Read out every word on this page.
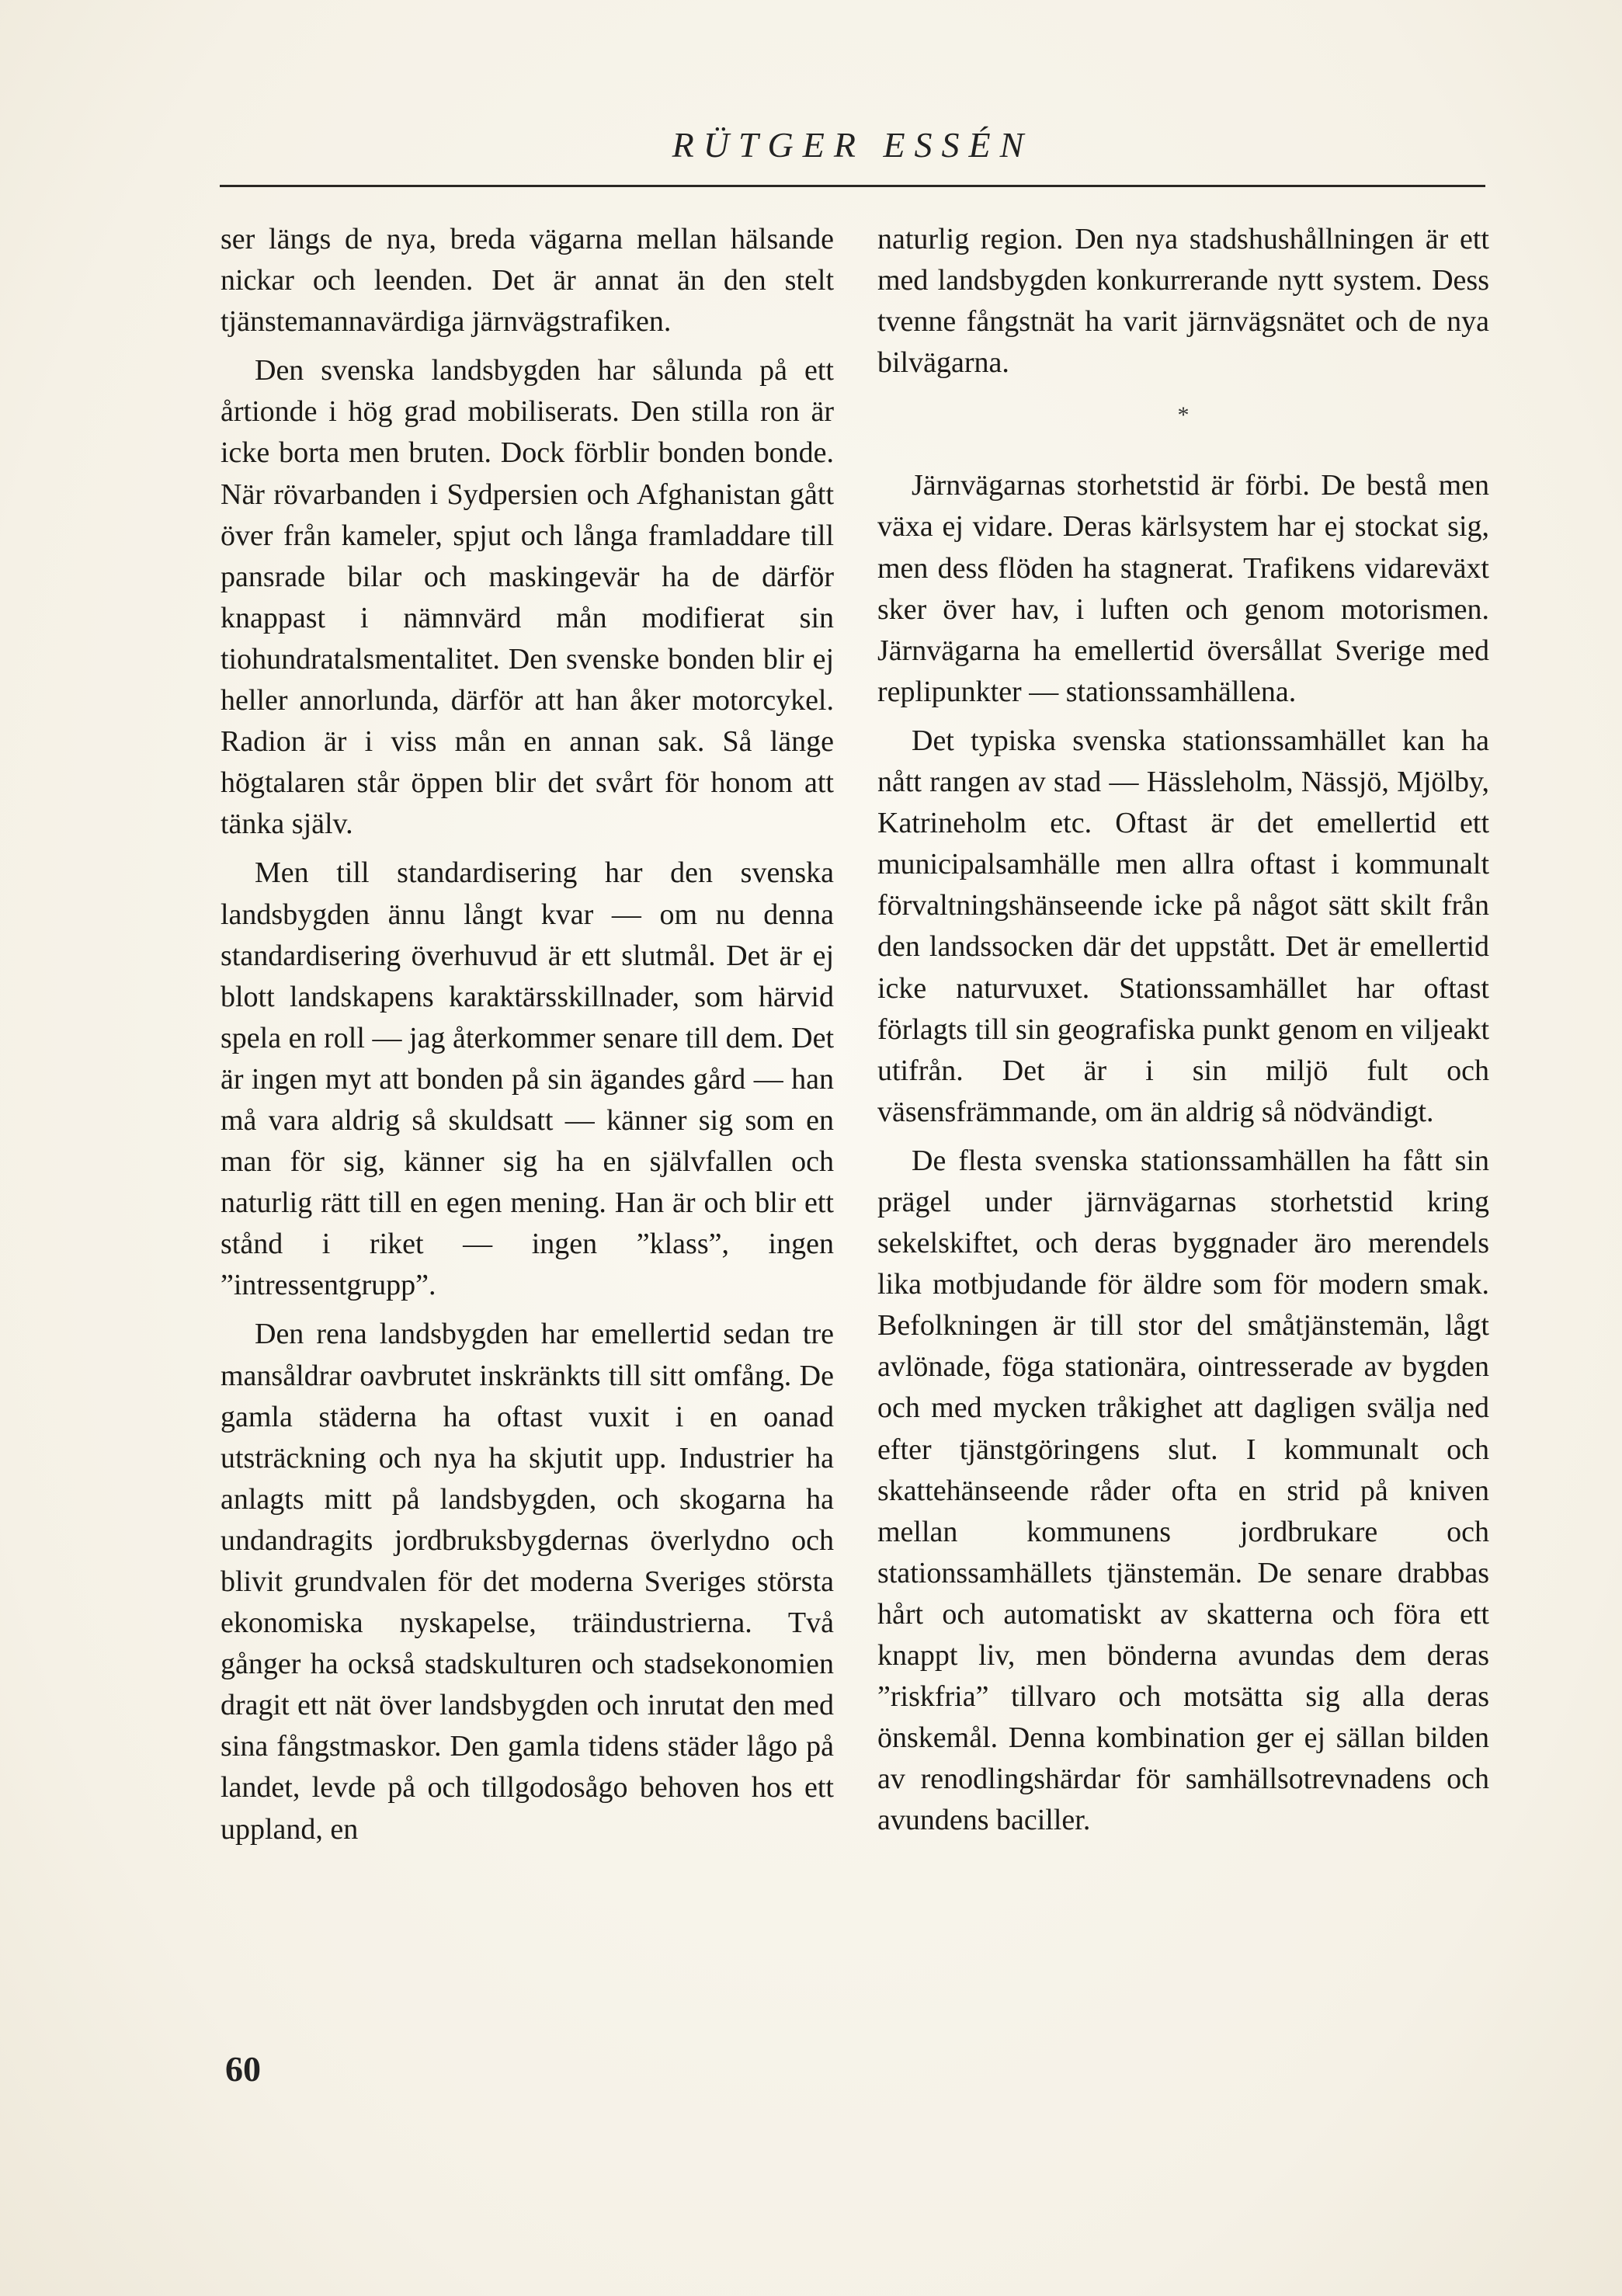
RÜTGER ESSÉN

ser längs de nya, breda vägarna mellan hälsande nickar och leenden. Det är annat än den stelt tjänstemannavärdiga järnvägstrafiken.

Den svenska landsbygden har sålunda på ett årtionde i hög grad mobiliserats. Den stilla ron är icke borta men bruten. Dock förblir bonden bonde. När rövarbanden i Sydpersien och Afghanistan gått över från kameler, spjut och långa framladdare till pansrade bilar och maskingevär ha de därför knappast i nämnvärd mån modifierat sin tiohundratalsmentalitet. Den svenske bonden blir ej heller annorlunda, därför att han åker motorcykel. Radion är i viss mån en annan sak. Så länge högtalaren står öppen blir det svårt för honom att tänka själv.

Men till standardisering har den svenska landsbygden ännu långt kvar — om nu denna standardisering överhuvud är ett slutmål. Det är ej blott landskapens karaktärsskillnader, som härvid spela en roll — jag återkommer senare till dem. Det är ingen myt att bonden på sin ägandes gård — han må vara aldrig så skuldsatt — känner sig som en man för sig, känner sig ha en självfallen och naturlig rätt till en egen mening. Han är och blir ett stånd i riket — ingen ”klass”, ingen ”intressentgrupp”.

Den rena landsbygden har emellertid sedan tre mansåldrar oavbrutet inskränkts till sitt omfång. De gamla städerna ha oftast vuxit i en oanad utsträckning och nya ha skjutit upp. Industrier ha anlagts mitt på landsbygden, och skogarna ha undandragits jordbruksbygdernas överlydno och blivit grundvalen för det moderna Sveriges största ekonomiska nyskapelse, träindustrierna. Två gånger ha också stadskulturen och stadsekonomien dragit ett nät över landsbygden och inrutat den med sina fångstmaskor. Den gamla tidens städer lågo på landet, levde på och tillgodosågo behoven hos ett uppland, en

naturlig region. Den nya stadshushållningen är ett med landsbygden konkurrerande nytt system. Dess tvenne fångstnät ha varit järnvägsnätet och de nya bilvägarna.

*

Järnvägarnas storhetstid är förbi. De bestå men växa ej vidare. Deras kärlsystem har ej stockat sig, men dess flöden ha stagnerat. Trafikens vidareväxt sker över hav, i luften och genom motorismen. Järnvägarna ha emellertid översållat Sverige med replipunkter — stationssamhällena.

Det typiska svenska stationssamhället kan ha nått rangen av stad — Hässleholm, Nässjö, Mjölby, Katrineholm etc. Oftast är det emellertid ett municipalsamhälle men allra oftast i kommunalt förvaltningshänseende icke på något sätt skilt från den landssocken där det uppstått. Det är emellertid icke naturvuxet. Stationssamhället har oftast förlagts till sin geografiska punkt genom en viljeakt utifrån. Det är i sin miljö fult och väsensfrämmande, om än aldrig så nödvändigt.

De flesta svenska stationssamhällen ha fått sin prägel under järnvägarnas storhetstid kring sekelskiftet, och deras byggnader äro merendels lika motbjudande för äldre som för modern smak. Befolkningen är till stor del småtjänstemän, lågt avlönade, föga stationära, ointresserade av bygden och med mycken tråkighet att dagligen svälja ned efter tjänstgöringens slut. I kommunalt och skattehänseende råder ofta en strid på kniven mellan kommunens jordbrukare och stationssamhällets tjänstemän. De senare drabbas hårt och automatiskt av skatterna och föra ett knappt liv, men bönderna avundas dem deras ”riskfria” tillvaro och motsätta sig alla deras önskemål. Denna kombination ger ej sällan bilden av renodlingshärdar för samhällsotrevnadens och avundens baciller.

60
